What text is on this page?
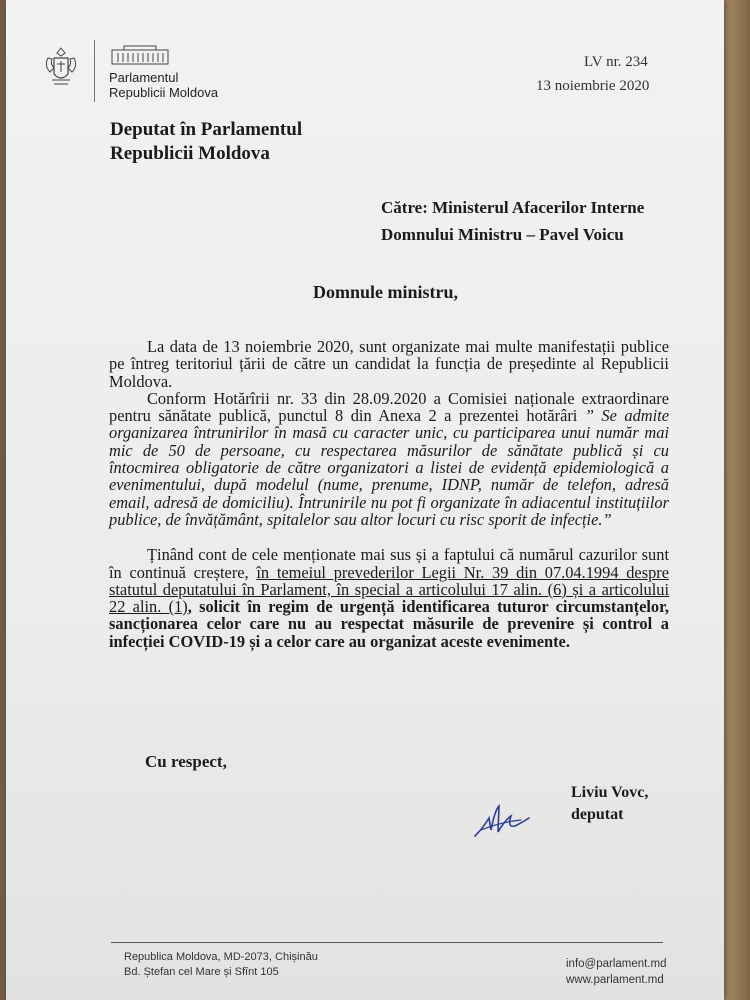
Parlamentul
Republicii Moldova
LV nr. 234
13 noiembrie 2020
Deputat în Parlamentul
Republicii Moldova
Către: Ministerul Afacerilor Interne
Domnului Ministru – Pavel Voicu
Domnule ministru,

La data de 13 noiembrie 2020, sunt organizate mai multe manifestații publice pe întreg teritoriul țării de către un candidat la funcția de președinte al Republicii Moldova.

Conform Hotărîrii nr. 33 din 28.09.2020 a Comisiei naționale extraordinare pentru sănătate publică, punctul 8 din Anexa 2 a prezentei hotărâri ” Se admite organizarea întrunirilor în masă cu caracter unic, cu participarea unui număr mai mic de 50 de persoane, cu respectarea măsurilor de sănătate publică și cu întocmirea obligatorie de către organizatori a listei de evidență epidemiologică a evenimentului, după modelul (nume, prenume, IDNP, număr de telefon, adresă email, adresă de domiciliu). Întrunirile nu pot fi organizate în adiacentul instituțiilor publice, de învățământ, spitalelor sau altor locuri cu risc sporit de infecție.”

Ținând cont de cele menționate mai sus și a faptului că numărul cazurilor sunt în continuă creștere, în temeiul prevederilor Legii Nr. 39 din 07.04.1994 despre statutul deputatului în Parlament, în special a articolului 17 alin. (6) și a articolului 22 alin. (1), solicit în regim de urgență identificarea tuturor circumstanțelor, sancționarea celor care nu au respectat măsurile de prevenire și control a infecției COVID-19 și a celor care au organizat aceste evenimente.

Cu respect,
Liviu Vovc,
deputat
Republica Moldova, MD-2073, Chișinău
Bd. Ștefan cel Mare și Sfînt 105
info@parlament.md
www.parlament.md
